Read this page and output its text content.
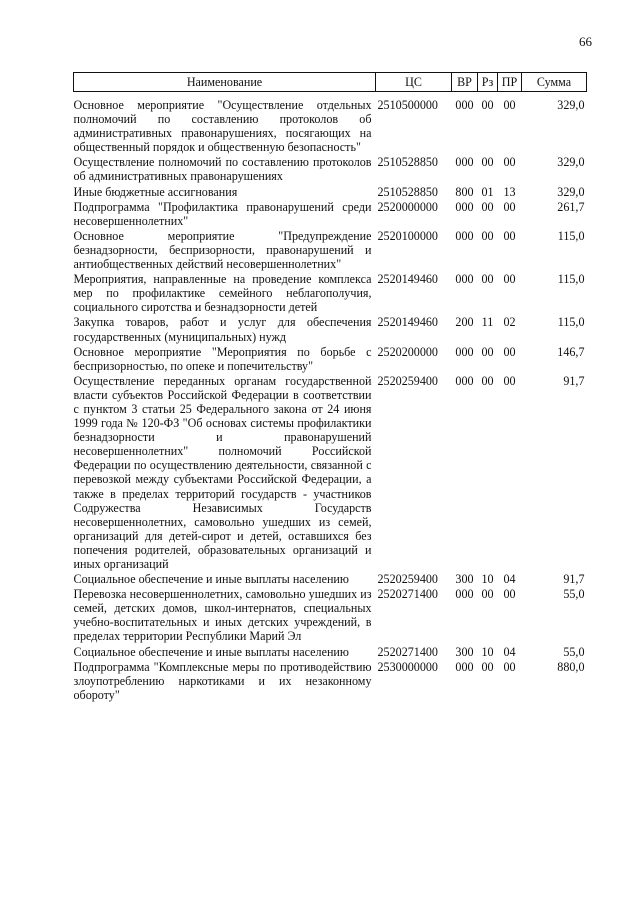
66
Наименование	ЦС	ВР	Рз	ПР	Сумма
Основное мероприятие "Осуществление отдельных полномочий по составлению протоколов об административных правонарушениях, посягающих на общественный порядок и общественную безопасность"	2510500000	000	00	00	329,0
Осуществление полномочий по составлению протоколов об административных правонарушениях	2510528850	000	00	00	329,0
Иные бюджетные ассигнования	2510528850	800	01	13	329,0
Подпрограмма "Профилактика правонарушений среди несовершеннолетних"	2520000000	000	00	00	261,7
Основное мероприятие "Предупреждение безнадзорности, беспризорности, правонарушений и антиобщественных действий несовершеннолетних"	2520100000	000	00	00	115,0
Мероприятия, направленные на проведение комплекса мер по профилактике семейного неблагополучия, социального сиротства и безнадзорности детей	2520149460	000	00	00	115,0
Закупка товаров, работ и услуг для обеспечения государственных (муниципальных) нужд	2520149460	200	11	02	115,0
Основное мероприятие "Мероприятия по борьбе с беспризорностью, по опеке и попечительству"	2520200000	000	00	00	146,7
Осуществление переданных органам государственной власти субъектов Российской Федерации в соответствии с пунктом 3 статьи 25 Федерального закона от 24 июня 1999 года № 120-ФЗ "Об основах системы профилактики безнадзорности и правонарушений несовершеннолетних" полномочий Российской Федерации по осуществлению деятельности, связанной с перевозкой между субъектами Российской Федерации, а также в пределах территорий государств - участников Содружества Независимых Государств несовершеннолетних, самовольно ушедших из семей, организаций для детей-сирот и детей, оставшихся без попечения родителей, образовательных организаций и иных организаций	2520259400	000	00	00	91,7
Социальное обеспечение и иные выплаты населению	2520259400	300	10	04	91,7
Перевозка несовершеннолетних, самовольно ушедших из семей, детских домов, школ-интернатов, специальных учебно-воспитательных и иных детских учреждений, в пределах территории Республики Марий Эл	2520271400	000	00	00	55,0
Социальное обеспечение и иные выплаты населению	2520271400	300	10	04	55,0
Подпрограмма "Комплексные меры по противодействию злоупотреблению наркотиками и их незаконному обороту"	2530000000	000	00	00	880,0
